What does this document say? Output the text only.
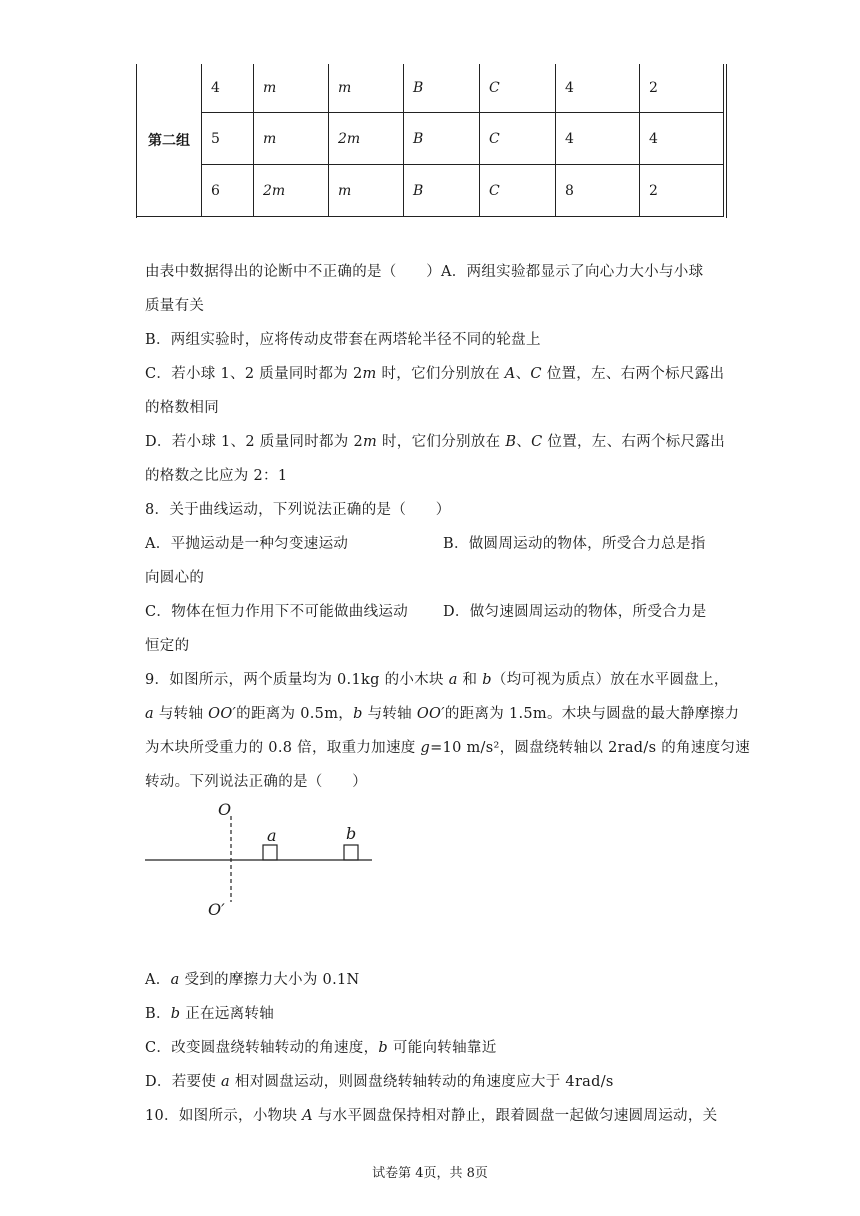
第二组	4	m	m	B	C	4	2
	5	m	2m	B	C	4	4
	6	2m	m	B	C	8	2
由表中数据得出的论断中不正确的是（　　）A．两组实验都显示了向心力大小与小球
质量有关
B．两组实验时，应将传动皮带套在两塔轮半径不同的轮盘上
C．若小球 1、2 质量同时都为 2m 时，它们分别放在 A、C 位置，左、右两个标尺露出
的格数相同
D．若小球 1、2 质量同时都为 2m 时，它们分别放在 B、C 位置，左、右两个标尺露出
的格数之比应为 2：1
8．关于曲线运动，下列说法正确的是（　　）
A．平抛运动是一种匀变速运动	B．做圆周运动的物体，所受合力总是指
向圆心的
C．物体在恒力作用下不可能做曲线运动 D．做匀速圆周运动的物体，所受合力是
恒定的
9．如图所示，两个质量均为 0.1kg 的小木块 a 和 b（均可视为质点）放在水平圆盘上，
a 与转轴 OO′的距离为 0.5m，b 与转轴 OO′的距离为 1.5m。木块与圆盘的最大静摩擦力
为木块所受重力的 0.8 倍，取重力加速度 g=10 m/s²，圆盘绕转轴以 2rad/s 的角速度匀速
转动。下列说法正确的是（　　）
O
a	b
O′
A．a 受到的摩擦力大小为 0.1N
B．b 正在远离转轴
C．改变圆盘绕转轴转动的角速度，b 可能向转轴靠近
D．若要使 a 相对圆盘运动，则圆盘绕转轴转动的角速度应大于 4rad/s
10．如图所示，小物块 A 与水平圆盘保持相对静止，跟着圆盘一起做匀速圆周运动，关
试卷第 4页，共 8页
